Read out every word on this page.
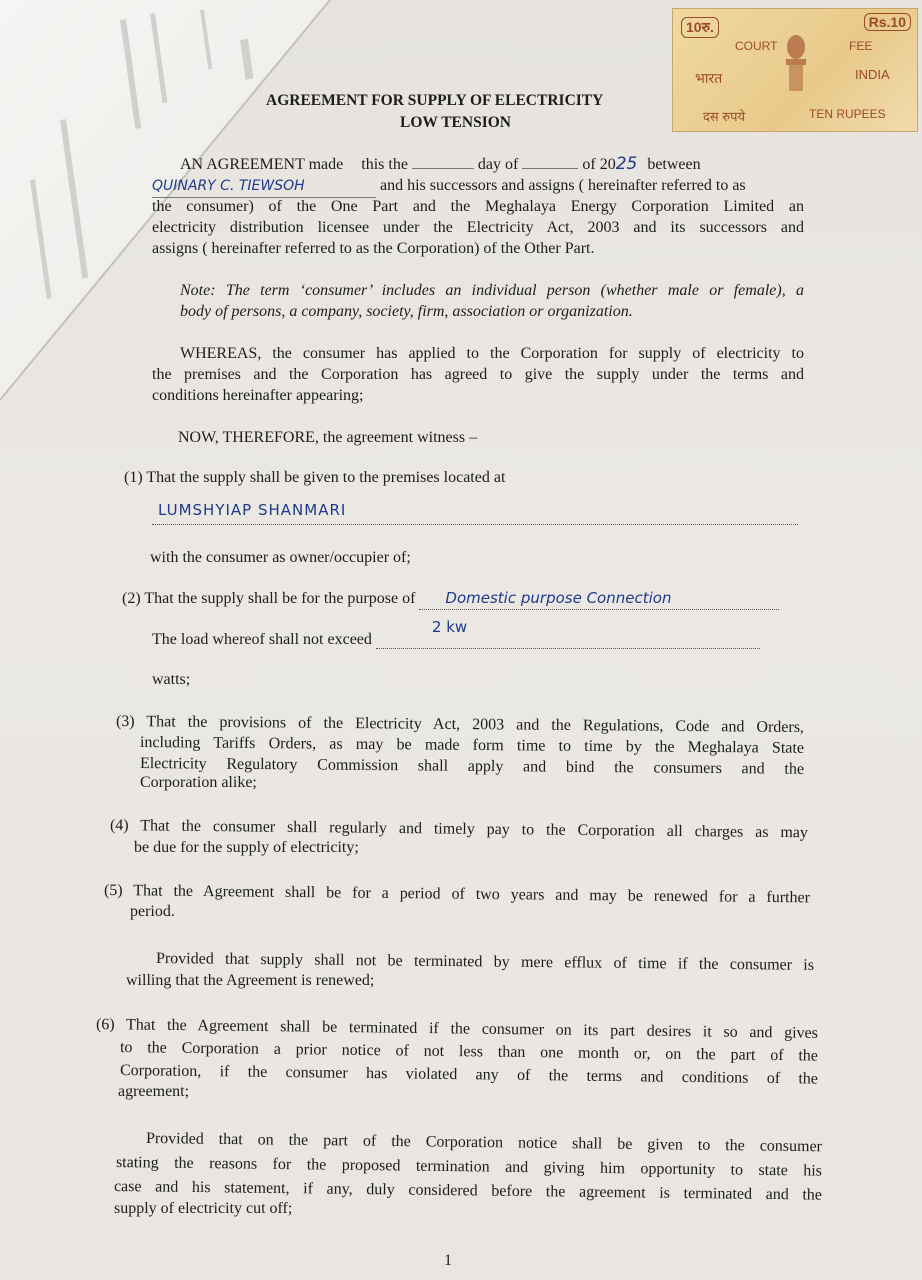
10रु.	Rs.10
COURT	FEE
भारत	INDIA
दस रुपये	TEN RUPEES
AGREEMENT FOR SUPPLY OF ELECTRICITY
LOW TENSION
AN AGREEMENT made this the	day of	of 2025 between
QUINARY C. TIEWSOH	and his successors and assigns ( hereinafter referred to as
the consumer) of the One Part and the Meghalaya Energy Corporation Limited an
electricity distribution licensee under the Electricity Act, 2003 and its successors and
assigns ( hereinafter referred to as the Corporation) of the Other Part.
Note: The term ‘consumer’ includes an individual person (whether male or female), a
body of persons, a company, society, firm, association or organization.
WHEREAS, the consumer has applied to the Corporation for supply of electricity to
the premises and the Corporation has agreed to give the supply under the terms and
conditions hereinafter appearing;
NOW, THEREFORE, the agreement witness –
(1) That the supply shall be given to the premises located at
LUMSHYIAP SHANMARI
with the consumer as owner/occupier of;
(2) That the supply shall be for the purpose of Domestic purpose Connection
The load whereof shall not exceed 2 kw
watts;
(3) That the provisions of the Electricity Act, 2003 and the Regulations, Code and Orders,
including Tariffs Orders, as may be made form time to time by the Meghalaya State
Electricity Regulatory Commission shall apply and bind the consumers and the
Corporation alike;
(4) That the consumer shall regularly and timely pay to the Corporation all charges as may
be due for the supply of electricity;
(5) That the Agreement shall be for a period of two years and may be renewed for a further
period.
Provided that supply shall not be terminated by mere efflux of time if the consumer is
willing that the Agreement is renewed;
(6) That the Agreement shall be terminated if the consumer on its part desires it so and gives
to the Corporation a prior notice of not less than one month or, on the part of the
Corporation, if the consumer has violated any of the terms and conditions of the
agreement;
Provided that on the part of the Corporation notice shall be given to the consumer
stating the reasons for the proposed termination and giving him opportunity to state his
case and his statement, if any, duly considered before the agreement is terminated and the
supply of electricity cut off;
1
